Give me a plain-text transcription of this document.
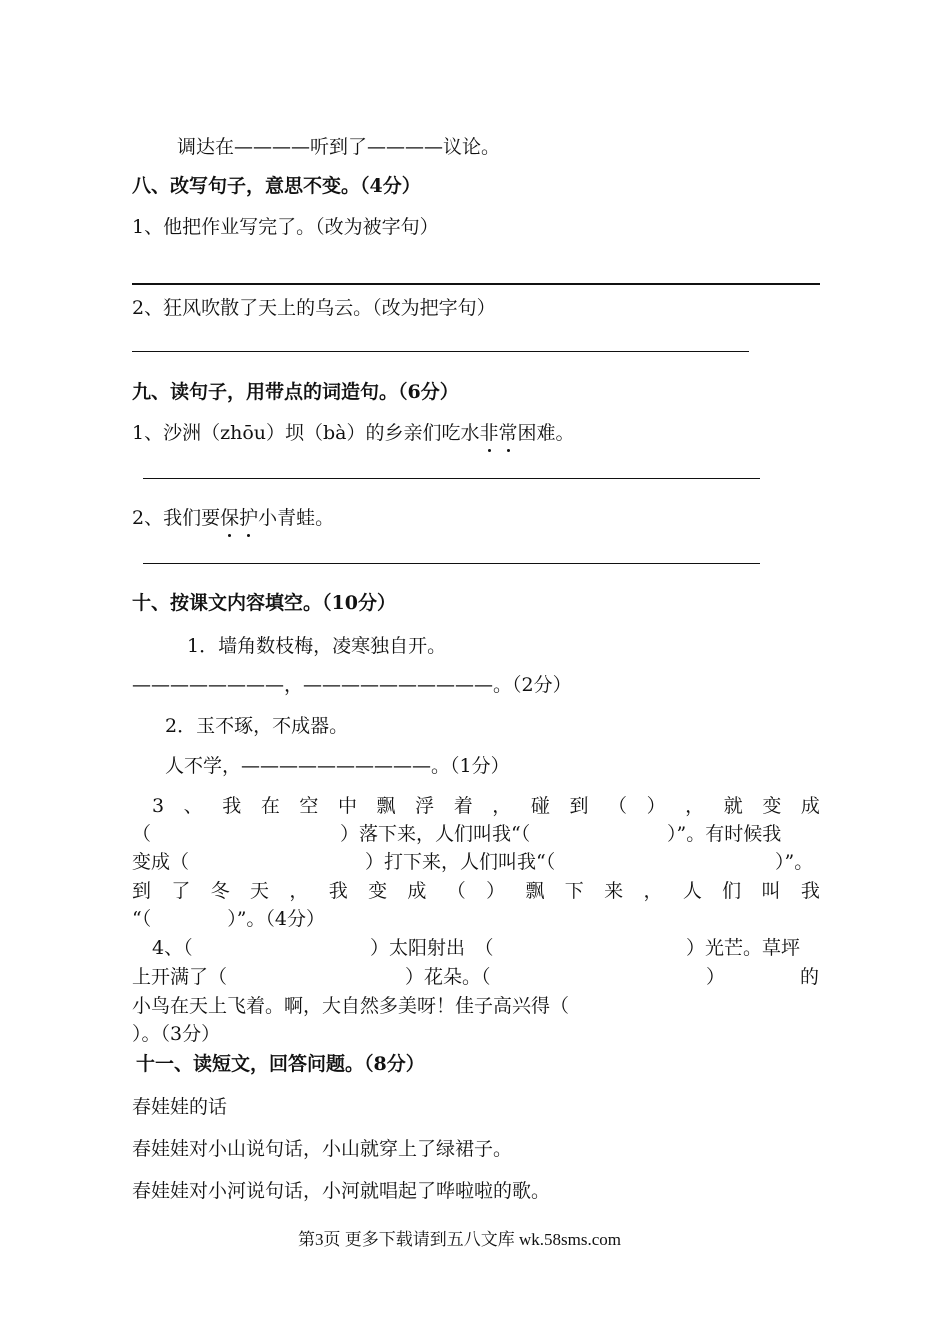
调达在————听到了————议论。
八、改写句子，意思不变。（4分）
1、他把作业写完了。（改为被字句）
2、狂风吹散了天上的乌云。（改为把字句）
九、读句子，用带点的词造句。（6分）
1、沙洲（zhōu）坝（bà）的乡亲们吃水非常困难。
2、我们要保护小青蛙。
十、按课文内容填空。（10分）
1．墙角数枝梅，凌寒独自开。
————————，——————————。（2分）
2．玉不琢，不成器。
人不学，——————————。（1分）
3 、 我 在 空 中 飘 浮 着 ， 碰 到 （ ） ， 就 变 成
（	）落下来，人们叫我“（	）”。有时候我
变成（	）打下来，人们叫我“（	）”。
到 了 冬 天 ， 我 变 成 （ ） 飘 下 来 ， 人 们 叫 我
“（　　　　）”。（4分）
4、（	）太阳射出　（	）光芒。草坪
上开满了（	）花朵。（	）	的
小鸟在天上飞着。啊，大自然多美呀！佳子高兴得（
）。（3分）
十一、读短文，回答问题。（8分）
春娃娃的话
春娃娃对小山说句话，小山就穿上了绿裙子。
春娃娃对小河说句话，小河就唱起了哗啦啦的歌。
第3页 更多下载请到五八文库 wk.58sms.com
